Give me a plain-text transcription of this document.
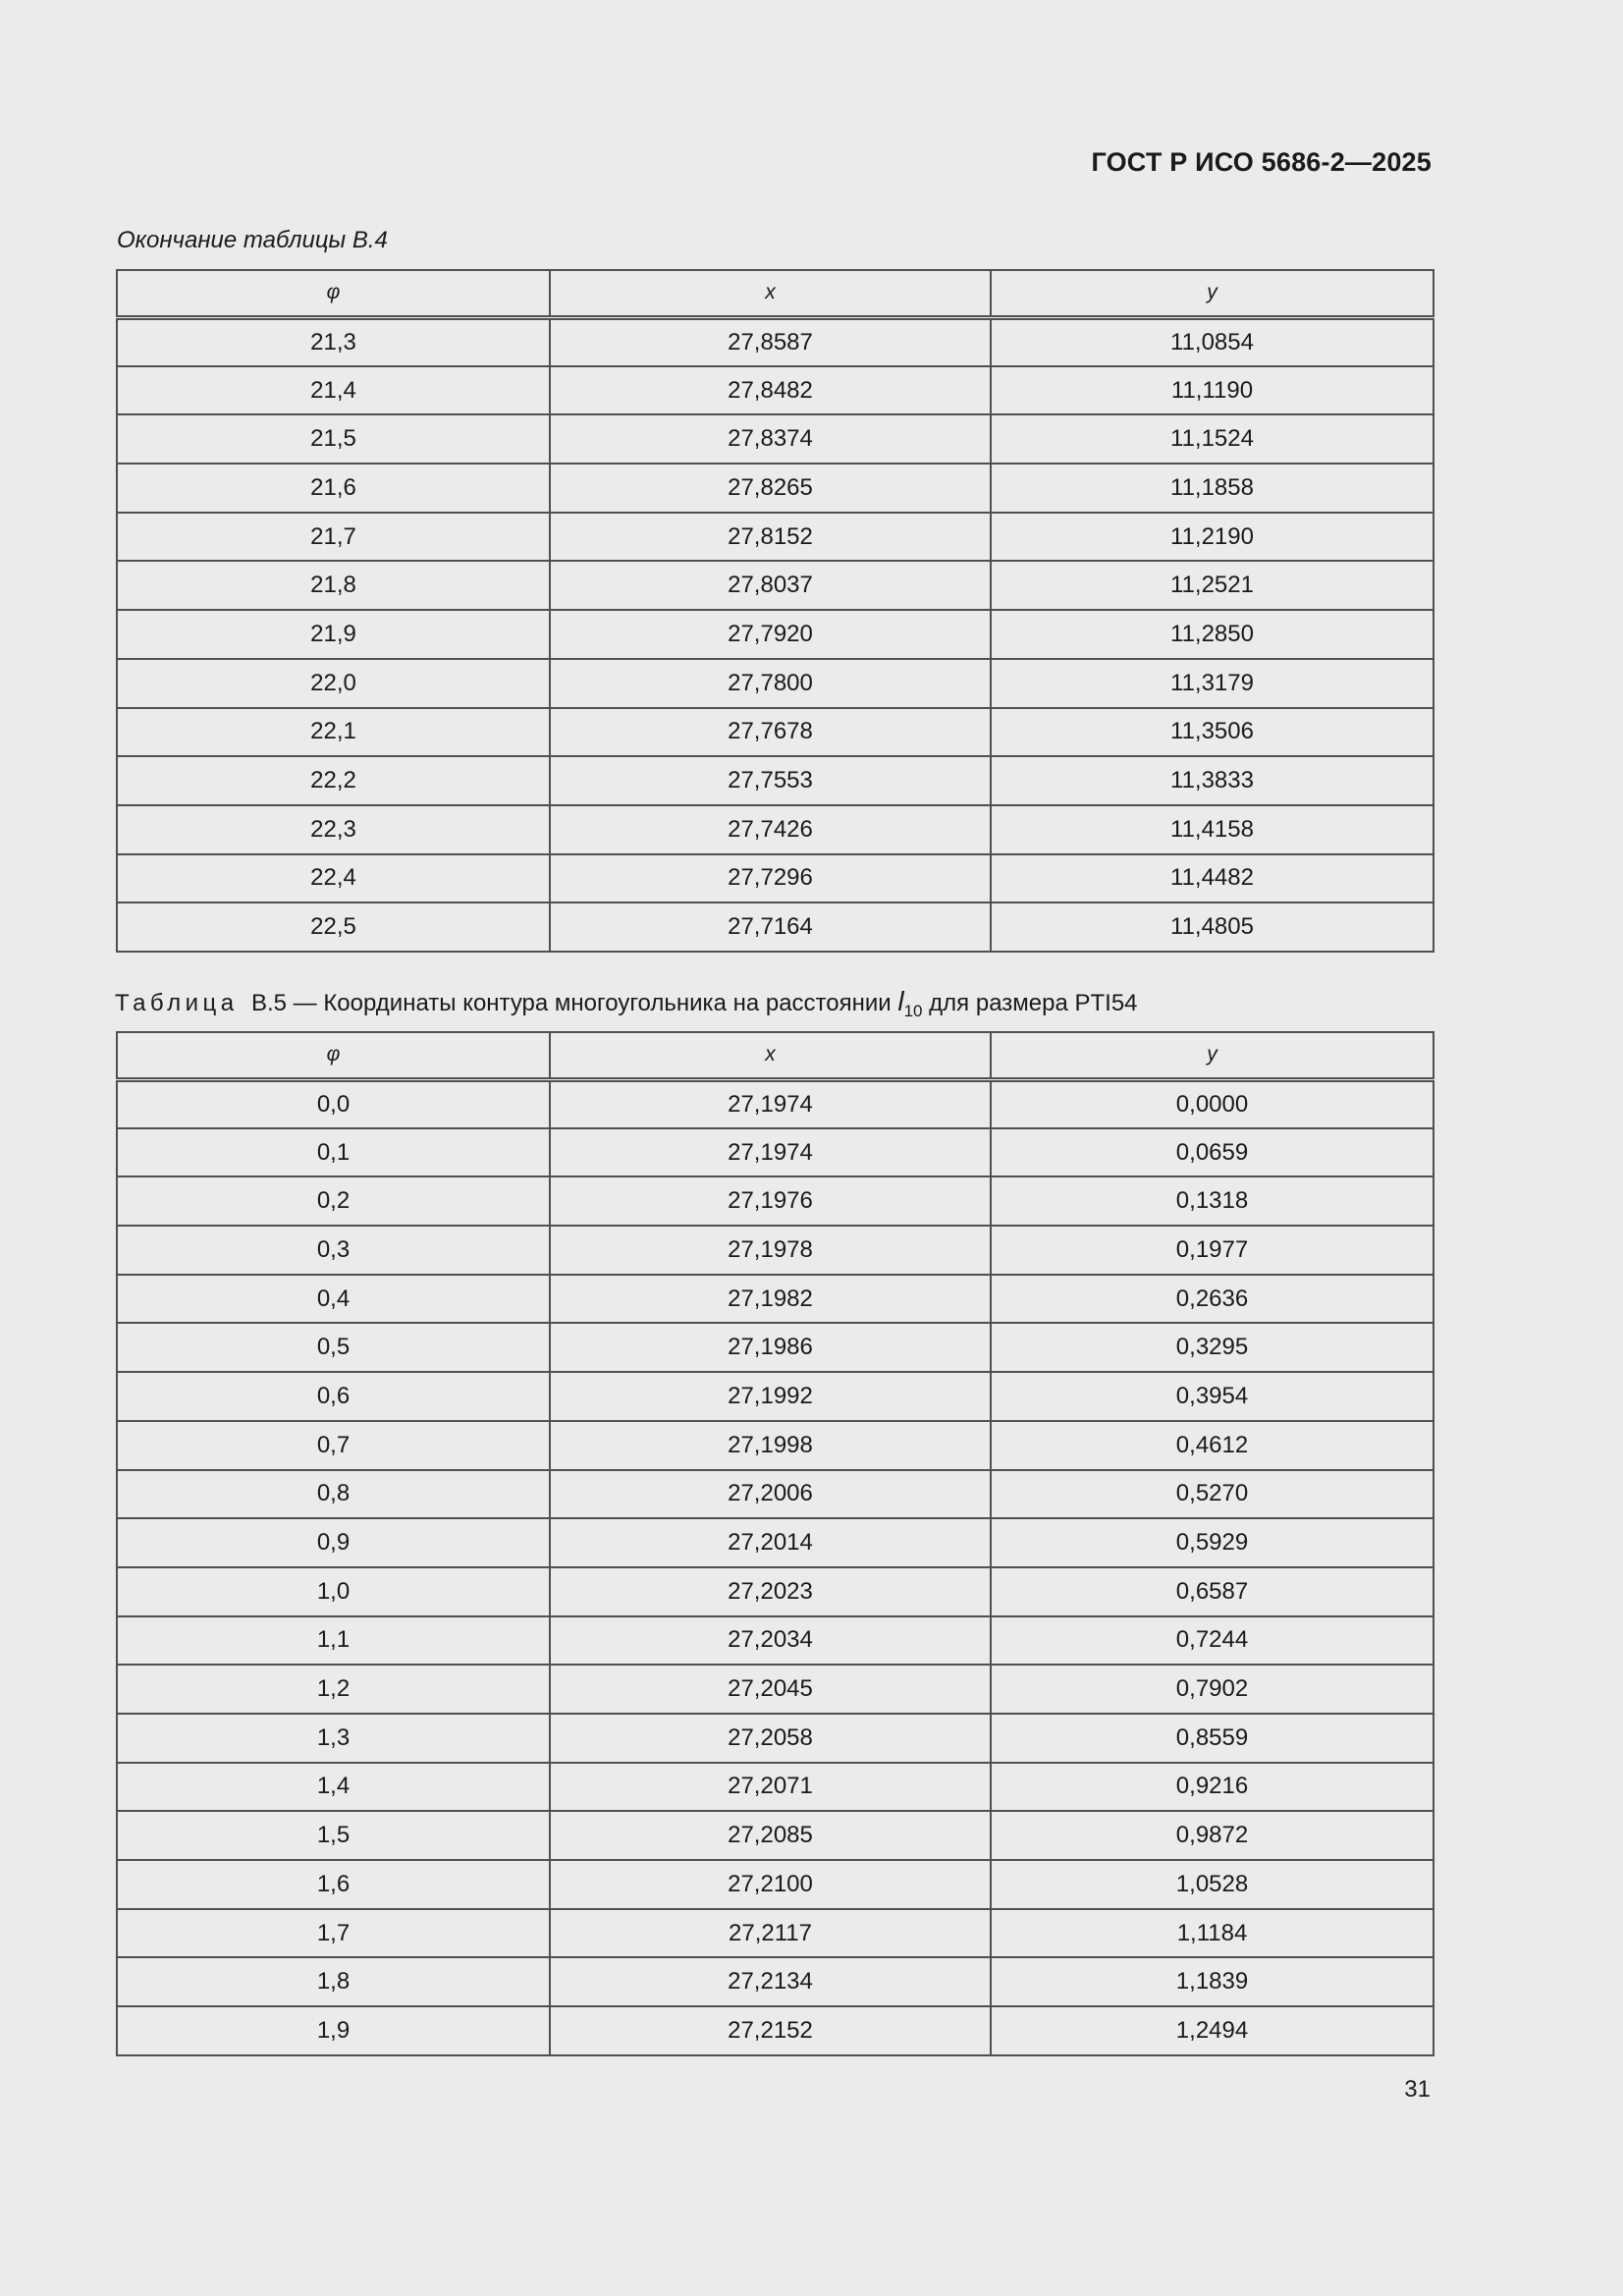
ГОСТ Р ИСО 5686-2—2025
Окончание таблицы В.4
φ	x	y
21,3	27,8587	11,0854
21,4	27,8482	11,1190
21,5	27,8374	11,1524
21,6	27,8265	11,1858
21,7	27,8152	11,2190
21,8	27,8037	11,2521
21,9	27,7920	11,2850
22,0	27,7800	11,3179
22,1	27,7678	11,3506
22,2	27,7553	11,3833
22,3	27,7426	11,4158
22,4	27,7296	11,4482
22,5	27,7164	11,4805
Таблица В.5 — Координаты контура многоугольника на расстоянии $l_{10}$ для размера PTI54
φ	x	y
0,0	27,1974	0,0000
0,1	27,1974	0,0659
0,2	27,1976	0,1318
0,3	27,1978	0,1977
0,4	27,1982	0,2636
0,5	27,1986	0,3295
0,6	27,1992	0,3954
0,7	27,1998	0,4612
0,8	27,2006	0,5270
0,9	27,2014	0,5929
1,0	27,2023	0,6587
1,1	27,2034	0,7244
1,2	27,2045	0,7902
1,3	27,2058	0,8559
1,4	27,2071	0,9216
1,5	27,2085	0,9872
1,6	27,2100	1,0528
1,7	27,2117	1,1184
1,8	27,2134	1,1839
1,9	27,2152	1,2494
31
